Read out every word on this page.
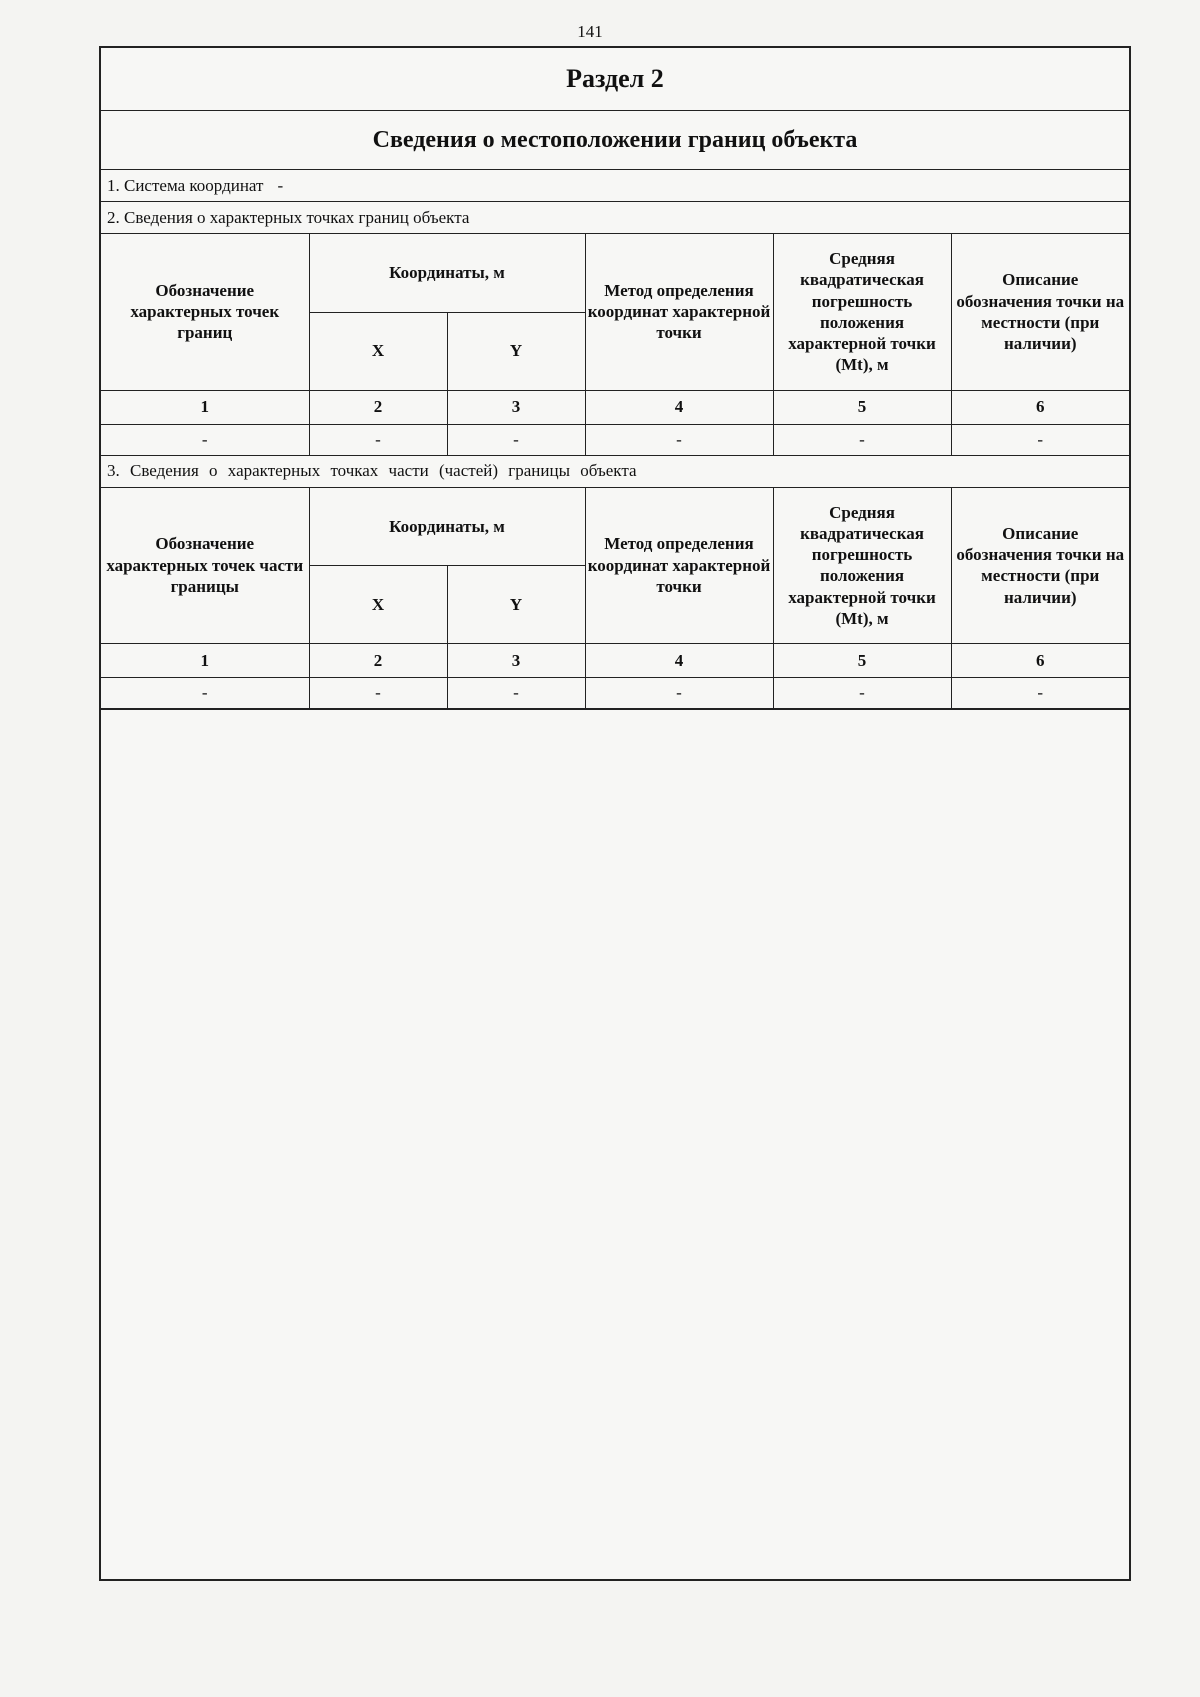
141
Раздел 2
Сведения о местоположении границ объекта
1. Система координат -
2. Сведения о характерных точках границ объекта
Обозначение характерных точек границ	Координаты, м		Метод определения координат характерной точки	Средняя квадратическая погрешность положения характерной точки (Mt), м	Описание обозначения точки на местности (при наличии)
	X	Y			
1	2	3	4	5	6
-	-	-	-	-	-
3. Сведения о характерных точках части (частей) границы объекта
Обозначение характерных точек части границы	Координаты, м		Метод определения координат характерной точки	Средняя квадратическая погрешность положения характерной точки (Mt), м	Описание обозначения точки на местности (при наличии)
	X	Y			
1	2	3	4	5	6
-	-	-	-	-	-
